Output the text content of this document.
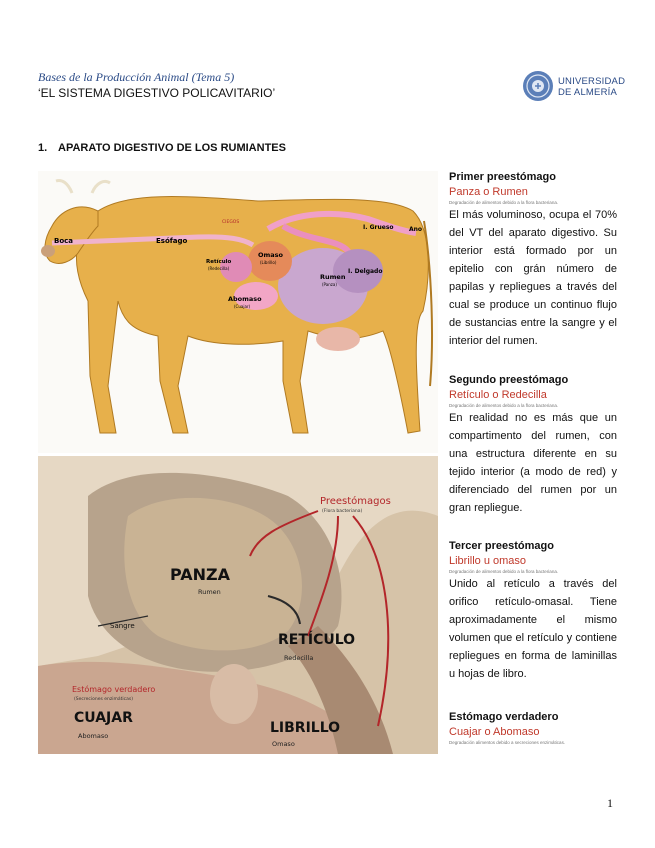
Bases de la Producción Animal (Tema 5)
‘EL SISTEMA DIGESTIVO POLICAVITARIO’
UNIVERSIDAD
DE ALMERÍA
1. APARATO DIGESTIVO DE LOS RUMIANTES
Boca	Esófago
CIEGOS
Omaso
(Librillo)
Retículo
(Redecilla)
Abomaso
(Cuajar)
Rumen
(Panza)
I. Delgado
I. Grueso	Ano
Preestómagos
(Flora bacteriana)
PANZA
Rumen
Sangre
RETÍCULO
Redecilla
Estómago verdadero
(Secreciones enzimáticas)
CUAJAR
Abomaso	LIBRILLO
Omaso
Primer preestómago
Panza o Rumen
Degradación de alimentos debido a la flora bacteriana.
El más voluminoso, ocupa el 70% del VT del aparato digestivo. Su interior está formado por un epitelio con grán número de papilas y repliegues a través del cual se produce un continuo flujo de sustancias entre la sangre y el interior del rumen.
Segundo preestómago
Retículo o Redecilla
Degradación de alimentos debido a la flora bacteriana.
En realidad no es más que un compartimento del rumen, con una estructura diferente en su tejido interior (a modo de red) y diferenciado del rumen por un gran repliegue.
Tercer preestómago
Librillo u omaso
Degradación de alimentos debido a la flora bacteriana.
Unido al retículo a través del orifico retículo-omasal. Tiene aproximadamente el mismo volumen que el retículo y contiene repliegues en forma de laminillas u hojas de libro.
Estómago verdadero
Cuajar o Abomaso
Degradación alimentos debido a secreciones enzimáticas.
1
